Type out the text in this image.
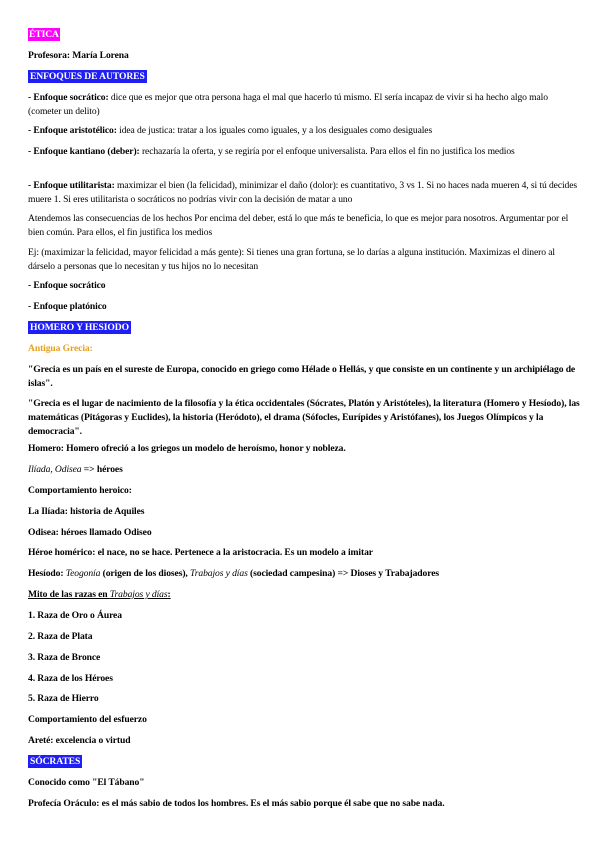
ÉTICA
Profesora: María Lorena
ENFOQUES DE AUTORES
- Enfoque socrático: dice que es mejor que otra persona haga el mal que hacerlo tú mismo. El sería incapaz de vivir si ha hecho algo malo (cometer un delito)
- Enfoque aristotélico: idea de justica: tratar a los iguales como iguales, y a los desiguales como desiguales
- Enfoque kantiano (deber): rechazaría la oferta, y se regiría por el enfoque universalista. Para ellos el fin no justifica los medios
- Enfoque utilitarista: maximizar el bien (la felicidad), minimizar el daño (dolor): es cuantitativo, 3 vs 1. Si no haces nada mueren 4, si tú decides muere 1. Si eres utilitarista o socráticos no podrías vivir con la decisión de matar a uno
Atendemos las consecuencias de los hechos Por encima del deber, está lo que más te beneficia, lo que es mejor para nosotros. Argumentar por el bien común. Para ellos, el fin justifica los medios
Ej: (maximizar la felicidad, mayor felicidad a más gente): Si tienes una gran fortuna, se lo darías a alguna institución. Maximizas el dinero al dárselo a personas que lo necesitan y tus hijos no lo necesitan
- Enfoque socrático
- Enfoque platónico
HOMERO Y HESIODO
Antigua Grecia:
"Grecia es un país en el sureste de Europa, conocido en griego como Hélade o Hellás, y que consiste en un continente y un archipiélago de islas".
"Grecia es el lugar de nacimiento de la filosofía y la ética occidentales (Sócrates, Platón y Aristóteles), la literatura (Homero y Hesíodo), las matemáticas (Pitágoras y Euclides), la historia (Heródoto), el drama (Sófocles, Eurípides y Aristófanes), los Juegos Olímpicos y la democracia".
Homero: Homero ofreció a los griegos un modelo de heroísmo, honor y nobleza.
Ilíada, Odisea => héroes
Comportamiento heroico:
La Ilíada: historia de Aquiles
Odisea: héroes llamado Odiseo
Héroe homérico: el nace, no se hace. Pertenece a la aristocracia. Es un modelo a imitar
Hesíodo: Teogonía (origen de los dioses), Trabajos y días (sociedad campesina) => Dioses y Trabajadores
Mito de las razas en Trabajos y días:
1. Raza de Oro o Áurea
2. Raza de Plata
3. Raza de Bronce
4. Raza de los Héroes
5. Raza de Hierro
Comportamiento del esfuerzo
Areté: excelencia o virtud
SÓCRATES
Conocido como "El Tábano"
Profecía Oráculo: es el más sabio de todos los hombres. Es el más sabio porque él sabe que no sabe nada.
